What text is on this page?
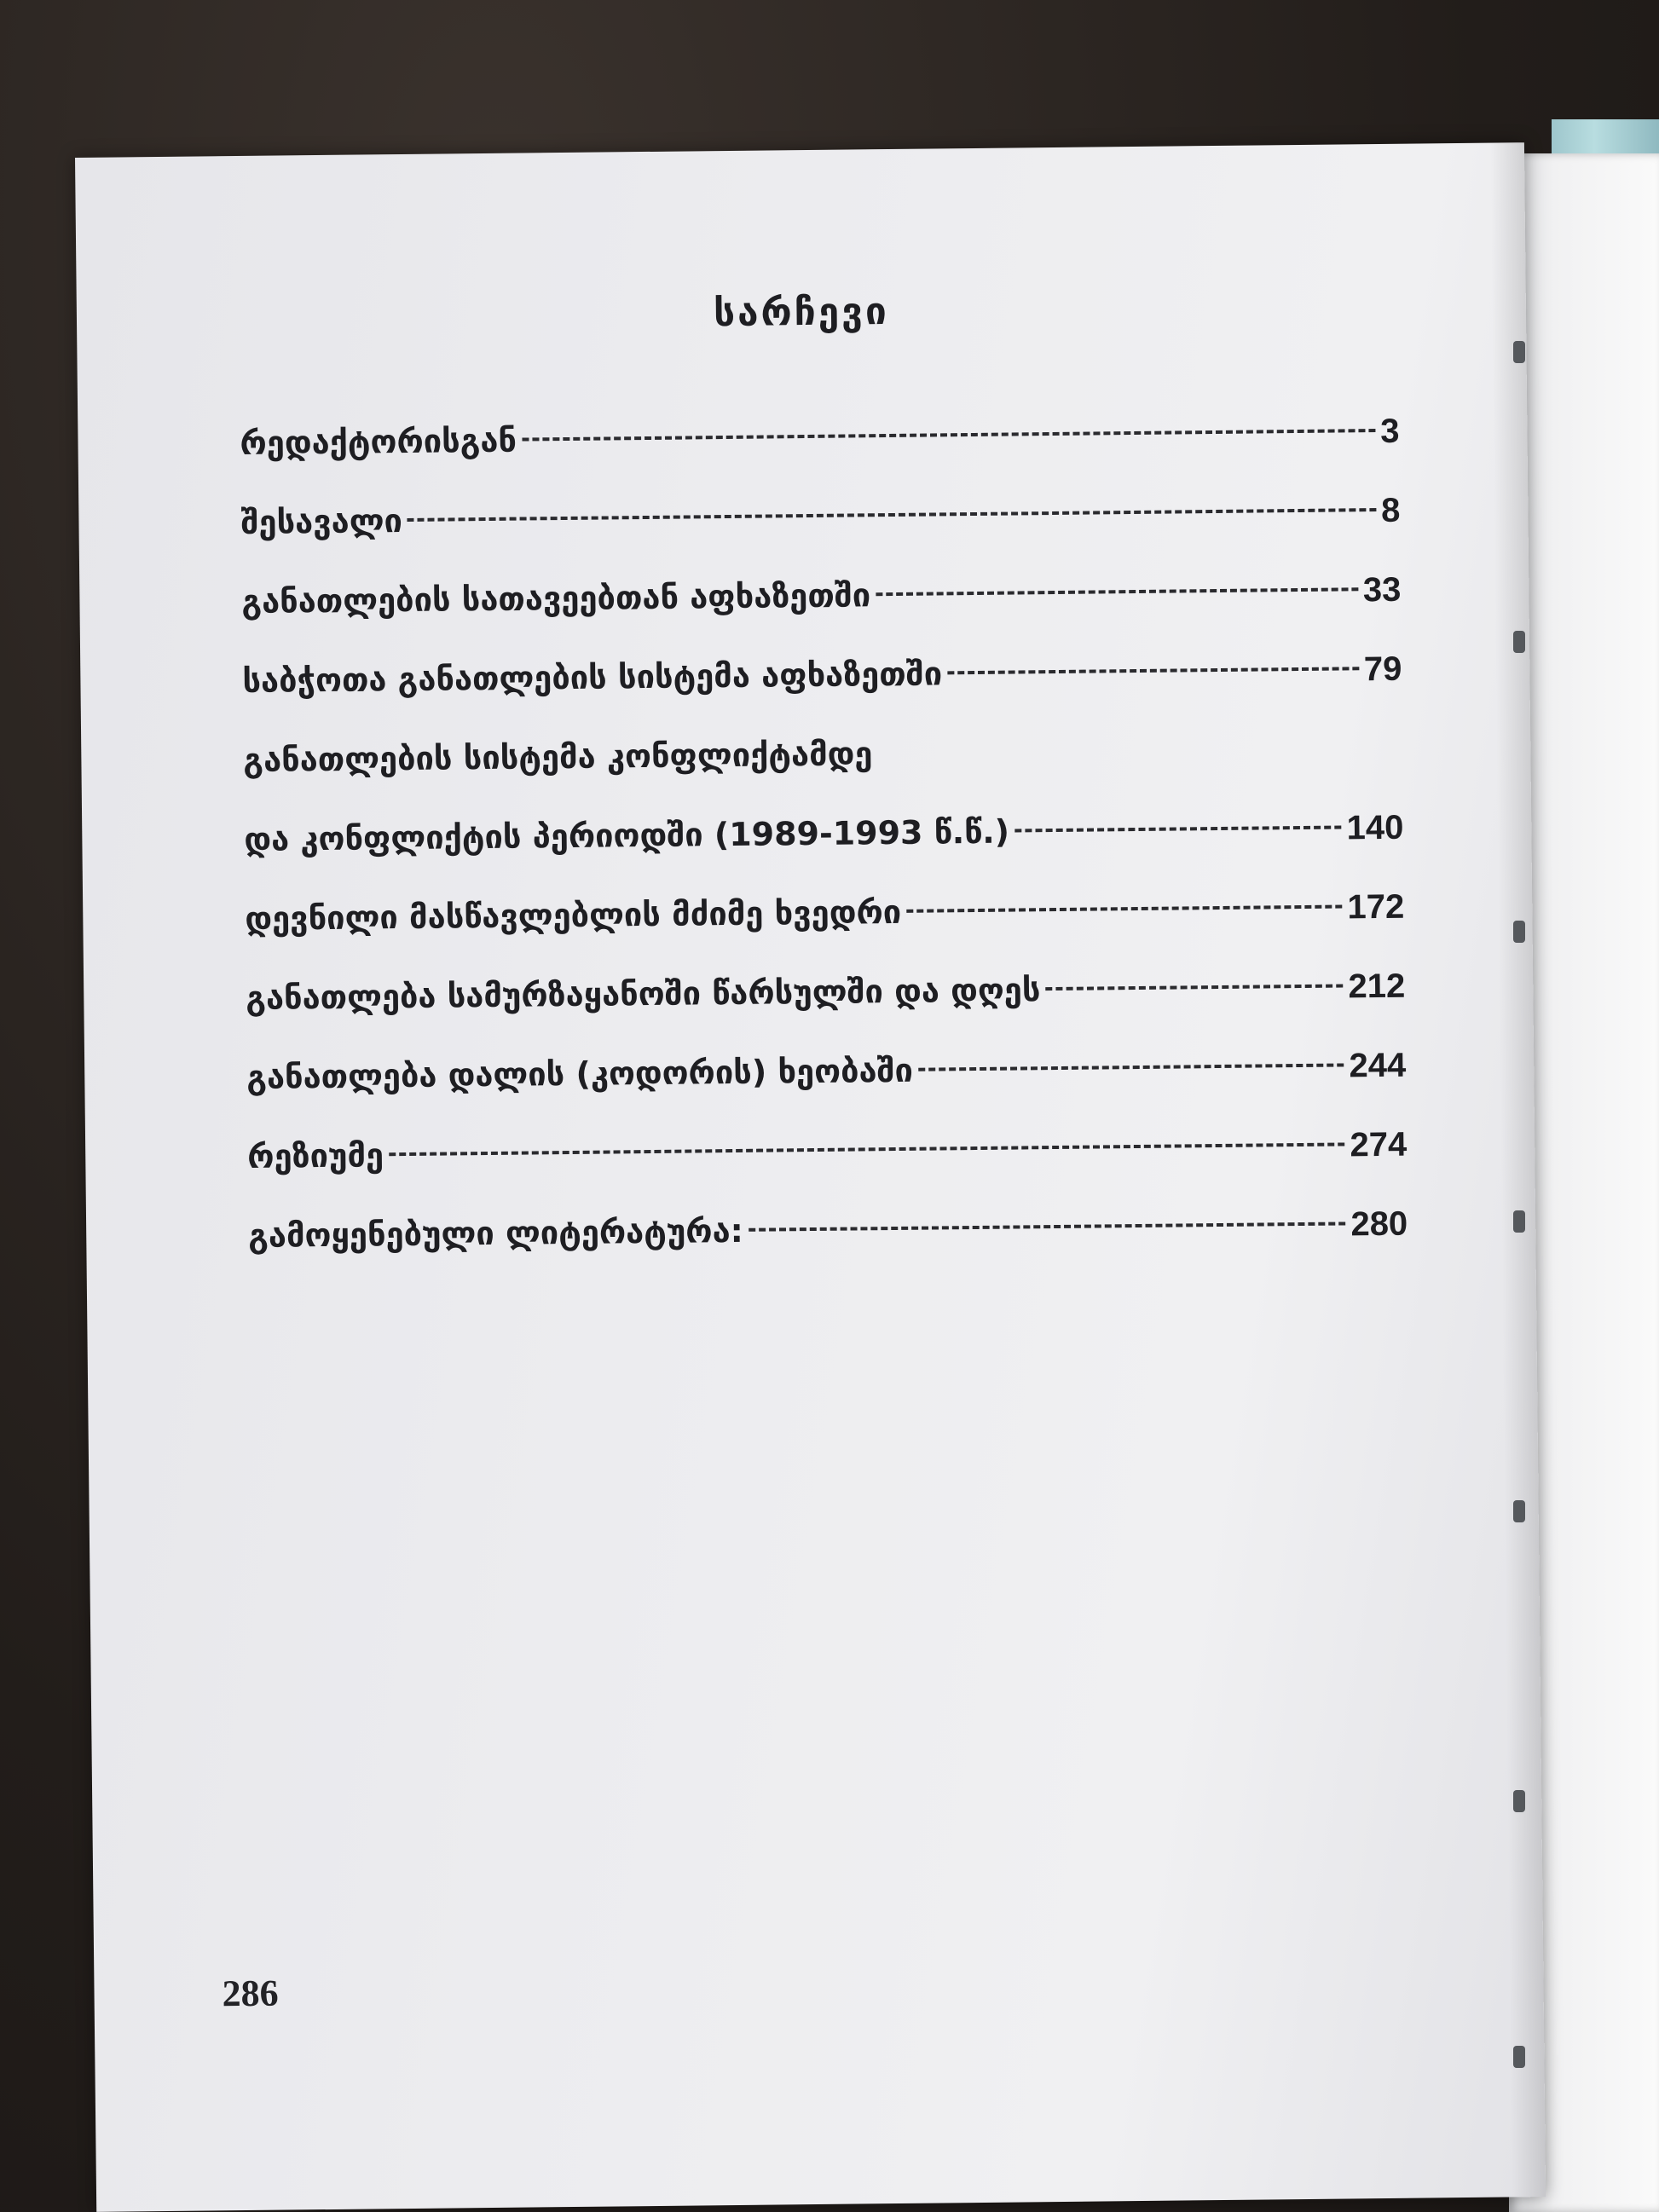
სარჩევი
რედაქტორისგან	3
შესავალი	8
განათლების სათავეებთან აფხაზეთში	33
საბჭოთა განათლების სისტემა აფხაზეთში	79
განათლების სისტემა კონფლიქტამდე
და კონფლიქტის პერიოდში (1989-1993 წ.წ.)	140
დევნილი მასწავლებლის მძიმე ხვედრი	172
განათლება სამურზაყანოში წარსულში და დღეს	212
განათლება დალის (კოდორის) ხეობაში	244
რეზიუმე	274
გამოყენებული ლიტერატურა:	280
286
